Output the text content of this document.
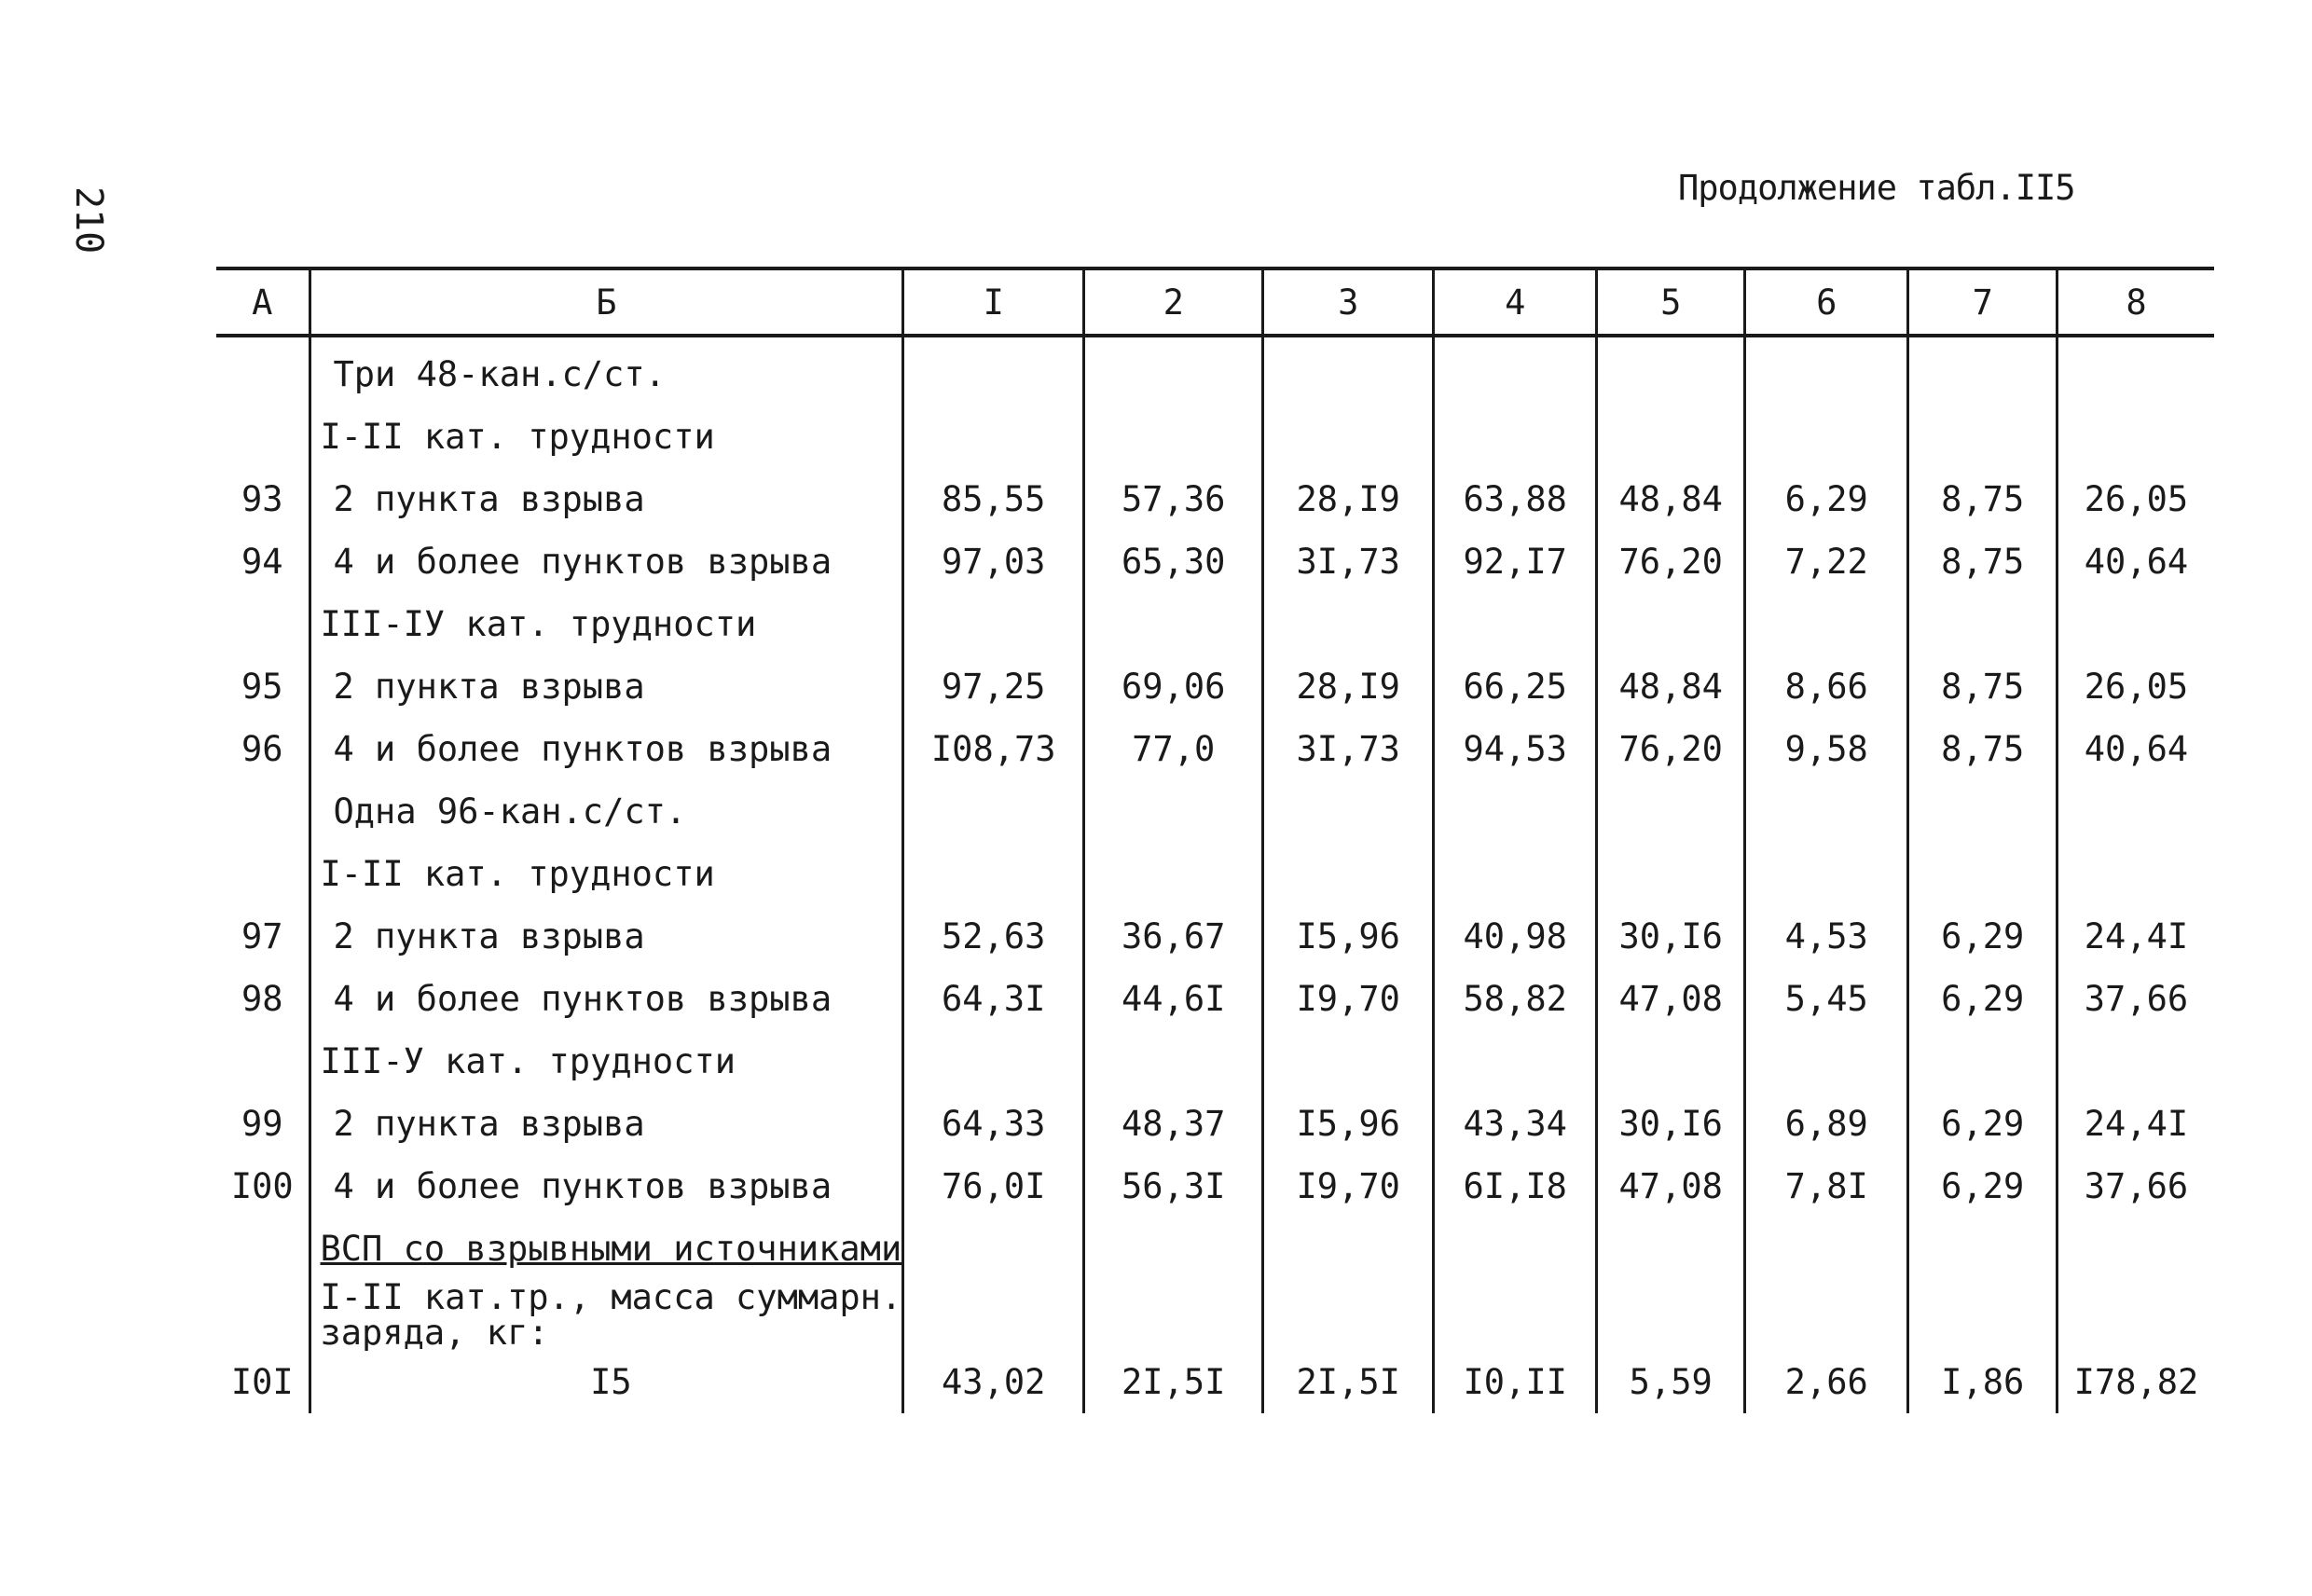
210	Продолжение табл.II5
A	Б	I	2	3	4	5	6	7	8
	Три 48-кан.с/ст.								
	I-II кат. трудности								
93	2 пункта взрыва	85,55	57,36	28,I9	63,88	48,84	6,29	8,75	26,05
94	4 и более пунктов взрыва	97,03	65,30	3I,73	92,I7	76,20	7,22	8,75	40,64
	III-IУ кат. трудности								
95	2 пункта взрыва	97,25	69,06	28,I9	66,25	48,84	8,66	8,75	26,05
96	4 и более пунктов взрыва	I08,73	77,0	3I,73	94,53	76,20	9,58	8,75	40,64
	Одна 96-кан.с/ст.								
	I-II кат. трудности								
97	2 пункта взрыва	52,63	36,67	I5,96	40,98	30,I6	4,53	6,29	24,4I
98	4 и более пунктов взрыва	64,3I	44,6I	I9,70	58,82	47,08	5,45	6,29	37,66
	III-У кат. трудности								
99	2 пункта взрыва	64,33	48,37	I5,96	43,34	30,I6	6,89	6,29	24,4I
I00	4 и более пунктов взрыва	76,0I	56,3I	I9,70	6I,I8	47,08	7,8I	6,29	37,66
	ВСП со взрывными источниками								
	I-II кат.тр., масса суммарн. заряда, кг:								
I0I	I5	43,02	2I,5I	2I,5I	I0,II	5,59	2,66	I,86	I78,82
